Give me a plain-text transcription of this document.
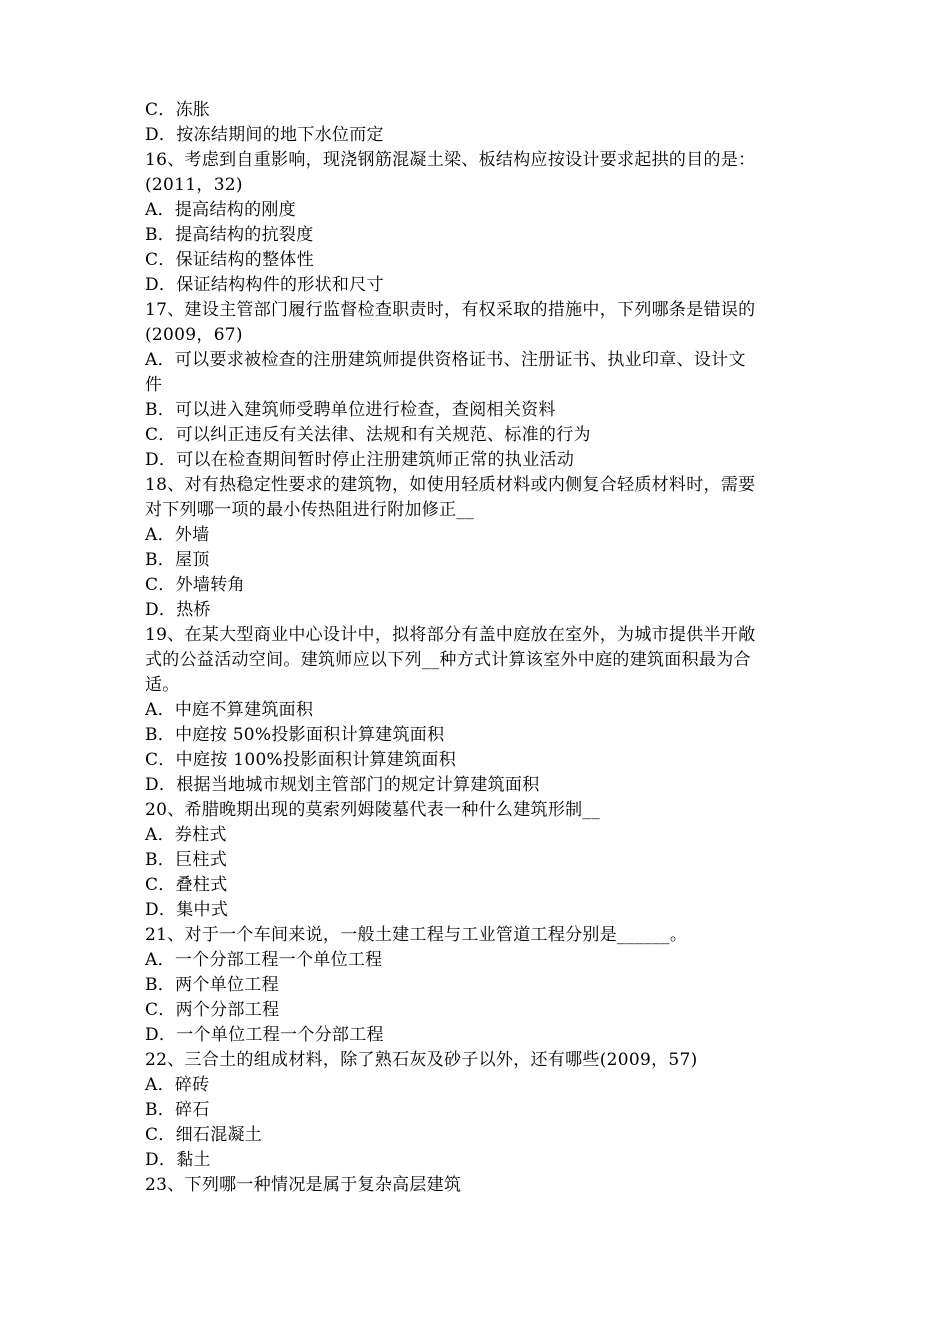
C．冻胀
D．按冻结期间的地下水位而定
16、考虑到自重影响，现浇钢筋混凝土梁、板结构应按设计要求起拱的目的是：
(2011，32)
A．提高结构的刚度
B．提高结构的抗裂度
C．保证结构的整体性
D．保证结构构件的形状和尺寸
17、建设主管部门履行监督检查职责时，有权采取的措施中，下列哪条是错误的
(2009，67)
A．可以要求被检查的注册建筑师提供资格证书、注册证书、执业印章、设计文
件
B．可以进入建筑师受聘单位进行检查，查阅相关资料
C．可以纠正违反有关法律、法规和有关规范、标准的行为
D．可以在检查期间暂时停止注册建筑师正常的执业活动
18、对有热稳定性要求的建筑物，如使用轻质材料或内侧复合轻质材料时，需要
对下列哪一项的最小传热阻进行附加修正__
A．外墙
B．屋顶
C．外墙转角
D．热桥
19、在某大型商业中心设计中，拟将部分有盖中庭放在室外，为城市提供半开敞
式的公益活动空间。建筑师应以下列__种方式计算该室外中庭的建筑面积最为合
适。
A．中庭不算建筑面积
B．中庭按 50%投影面积计算建筑面积
C．中庭按 100%投影面积计算建筑面积
D．根据当地城市规划主管部门的规定计算建筑面积
20、希腊晚期出现的莫索列姆陵墓代表一种什么建筑形制__
A．券柱式
B．巨柱式
C．叠柱式
D．集中式
21、对于一个车间来说，一般土建工程与工业管道工程分别是______。
A．一个分部工程一个单位工程
B．两个单位工程
C．两个分部工程
D．一个单位工程一个分部工程
22、三合土的组成材料，除了熟石灰及砂子以外，还有哪些(2009，57)
A．碎砖
B．碎石
C．细石混凝土
D．黏土
23、下列哪一种情况是属于复杂高层建筑
